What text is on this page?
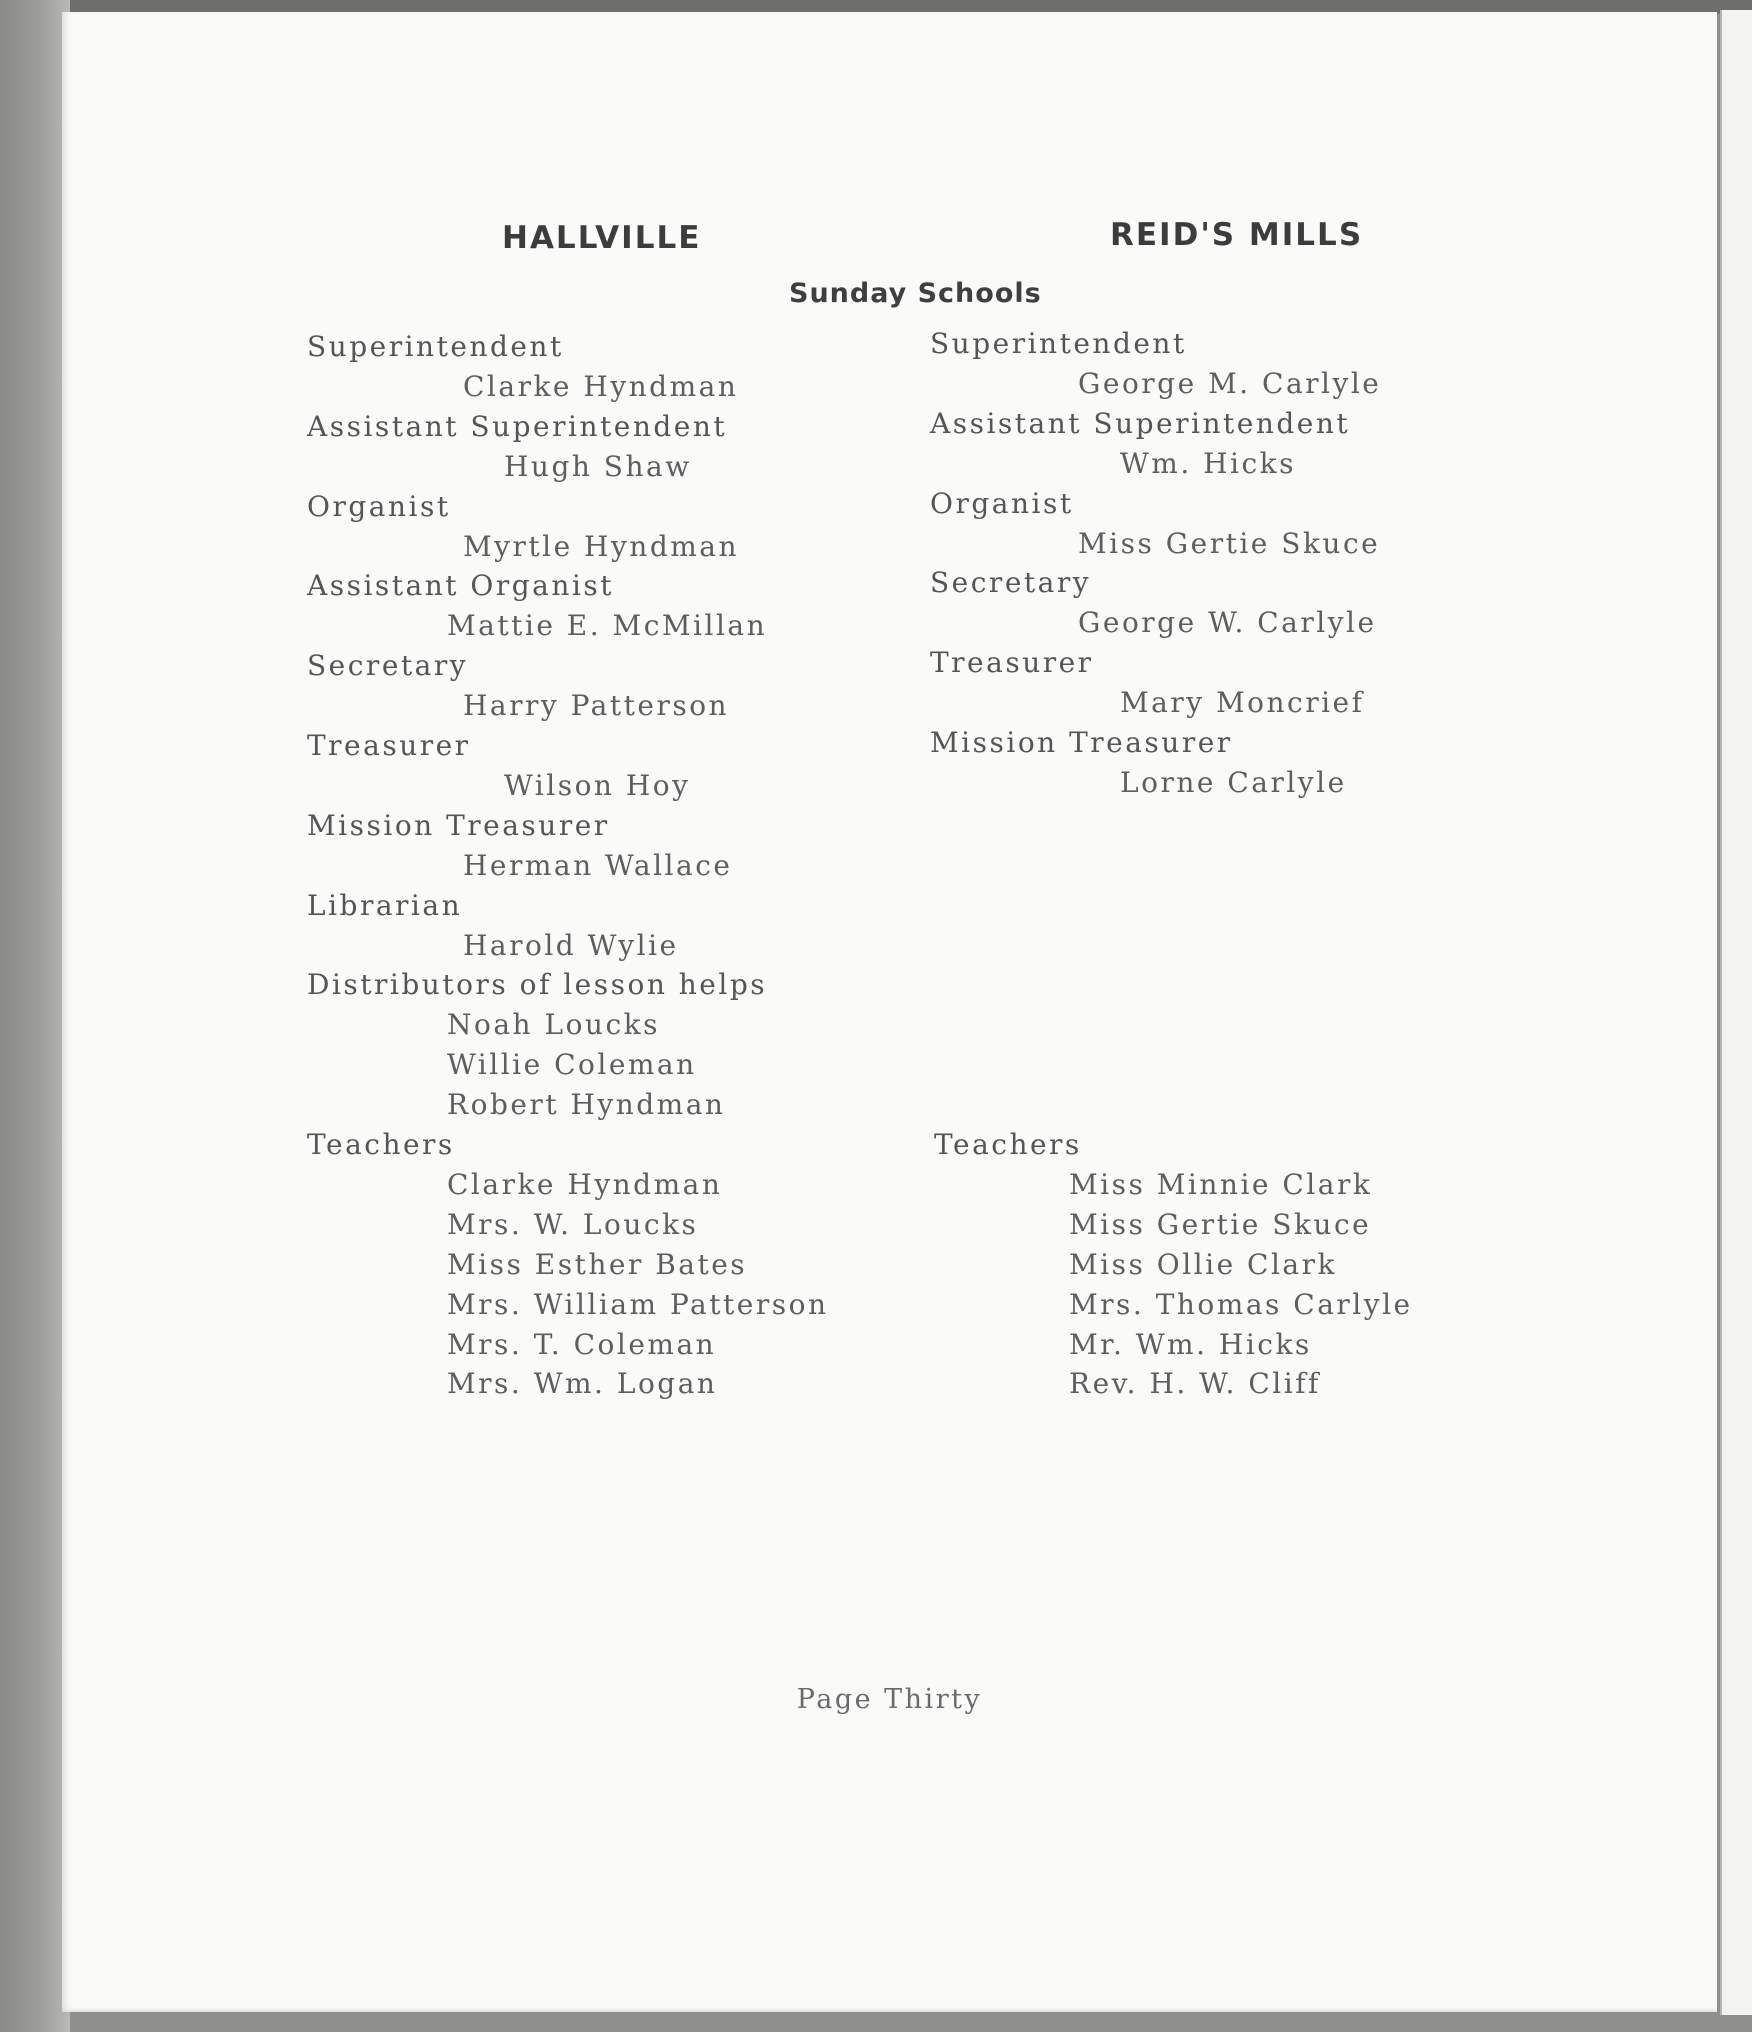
HALLVILLE	REID'S MILLS
Sunday Schools
Superintendent
Clarke Hyndman
Assistant Superintendent
Hugh Shaw
Organist
Myrtle Hyndman
Assistant Organist
Mattie E. McMillan
Secretary
Harry Patterson
Treasurer
Wilson Hoy
Mission Treasurer
Herman Wallace
Librarian
Harold Wylie
Distributors of lesson helps
Noah Loucks
Willie Coleman
Robert Hyndman
Teachers
Clarke Hyndman
Mrs. W. Loucks
Miss Esther Bates
Mrs. William Patterson
Mrs. T. Coleman
Mrs. Wm. Logan
Superintendent
George M. Carlyle
Assistant Superintendent
Wm. Hicks
Organist
Miss Gertie Skuce
Secretary
George W. Carlyle
Treasurer
Mary Moncrief
Mission Treasurer
Lorne Carlyle
Teachers
Miss Minnie Clark
Miss Gertie Skuce
Miss Ollie Clark
Mrs. Thomas Carlyle
Mr. Wm. Hicks
Rev. H. W. Cliff
Page Thirty
